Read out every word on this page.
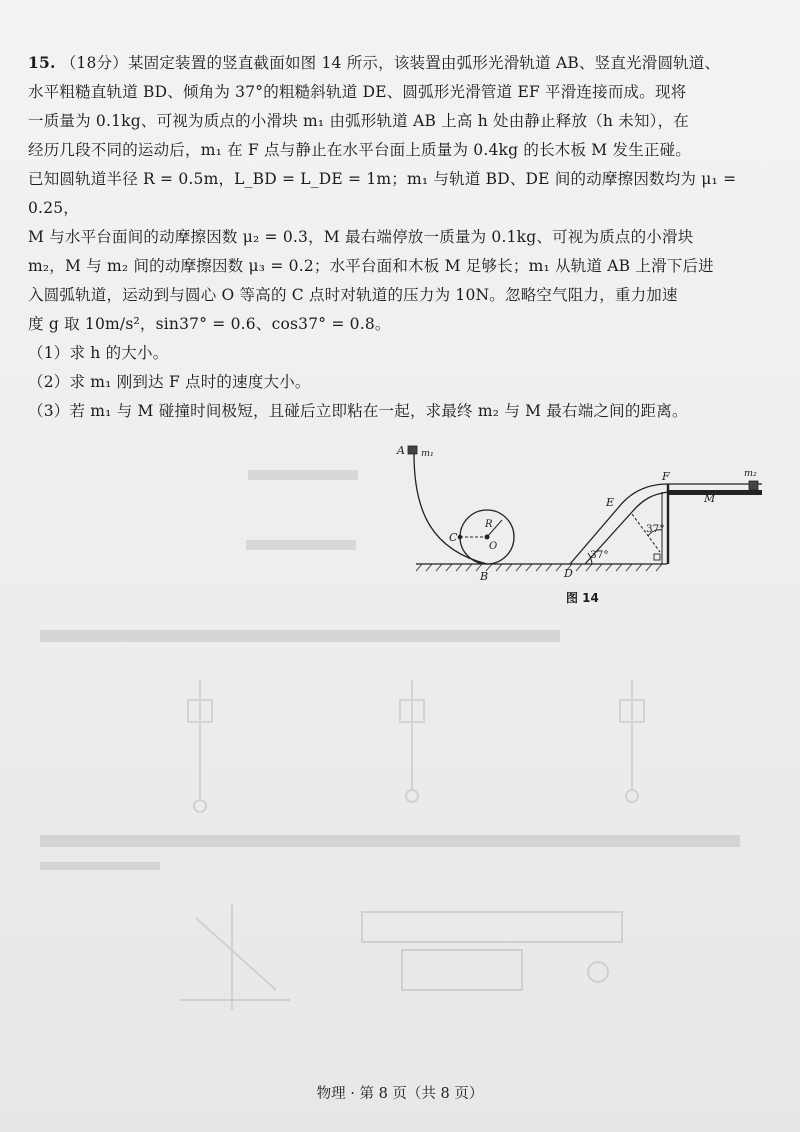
15. （18分）某固定装置的竖直截面如图 14 所示，该装置由弧形光滑轨道 AB、竖直光滑圆轨道、

水平粗糙直轨道 BD、倾角为 37°的粗糙斜轨道 DE、圆弧形光滑管道 EF 平滑连接而成。现将

一质量为 0.1kg、可视为质点的小滑块 m₁ 由弧形轨道 AB 上高 h 处由静止释放（h 未知），在

经历几段不同的运动后，m₁ 在 F 点与静止在水平台面上质量为 0.4kg 的长木板 M 发生正碰。

已知圆轨道半径 R = 0.5m，L_BD = L_DE = 1m；m₁ 与轨道 BD、DE 间的动摩擦因数均为 μ₁ = 0.25，

M 与水平台面间的动摩擦因数 μ₂ = 0.3，M 最右端停放一质量为 0.1kg、可视为质点的小滑块

m₂，M 与 m₂ 间的动摩擦因数 μ₃ = 0.2；水平台面和木板 M 足够长；m₁ 从轨道 AB 上滑下后进

入圆弧轨道，运动到与圆心 O 等高的 C 点时对轨道的压力为 10N。忽略空气阻力，重力加速

度 g 取 10m/s²，sin37° = 0.6、cos37° = 0.8。

（1）求 h 的大小。

（2）求 m₁ 刚到达 F 点时的速度大小。

（3）若 m₁ 与 M 碰撞时间极短，且碰后立即粘在一起，求最终 m₂ 与 M 最右端之间的距离。

A m₁
C
R
O
B	D
E
F
M
m₂
37°
37°
图 14
物理 · 第 8 页（共 8 页）
